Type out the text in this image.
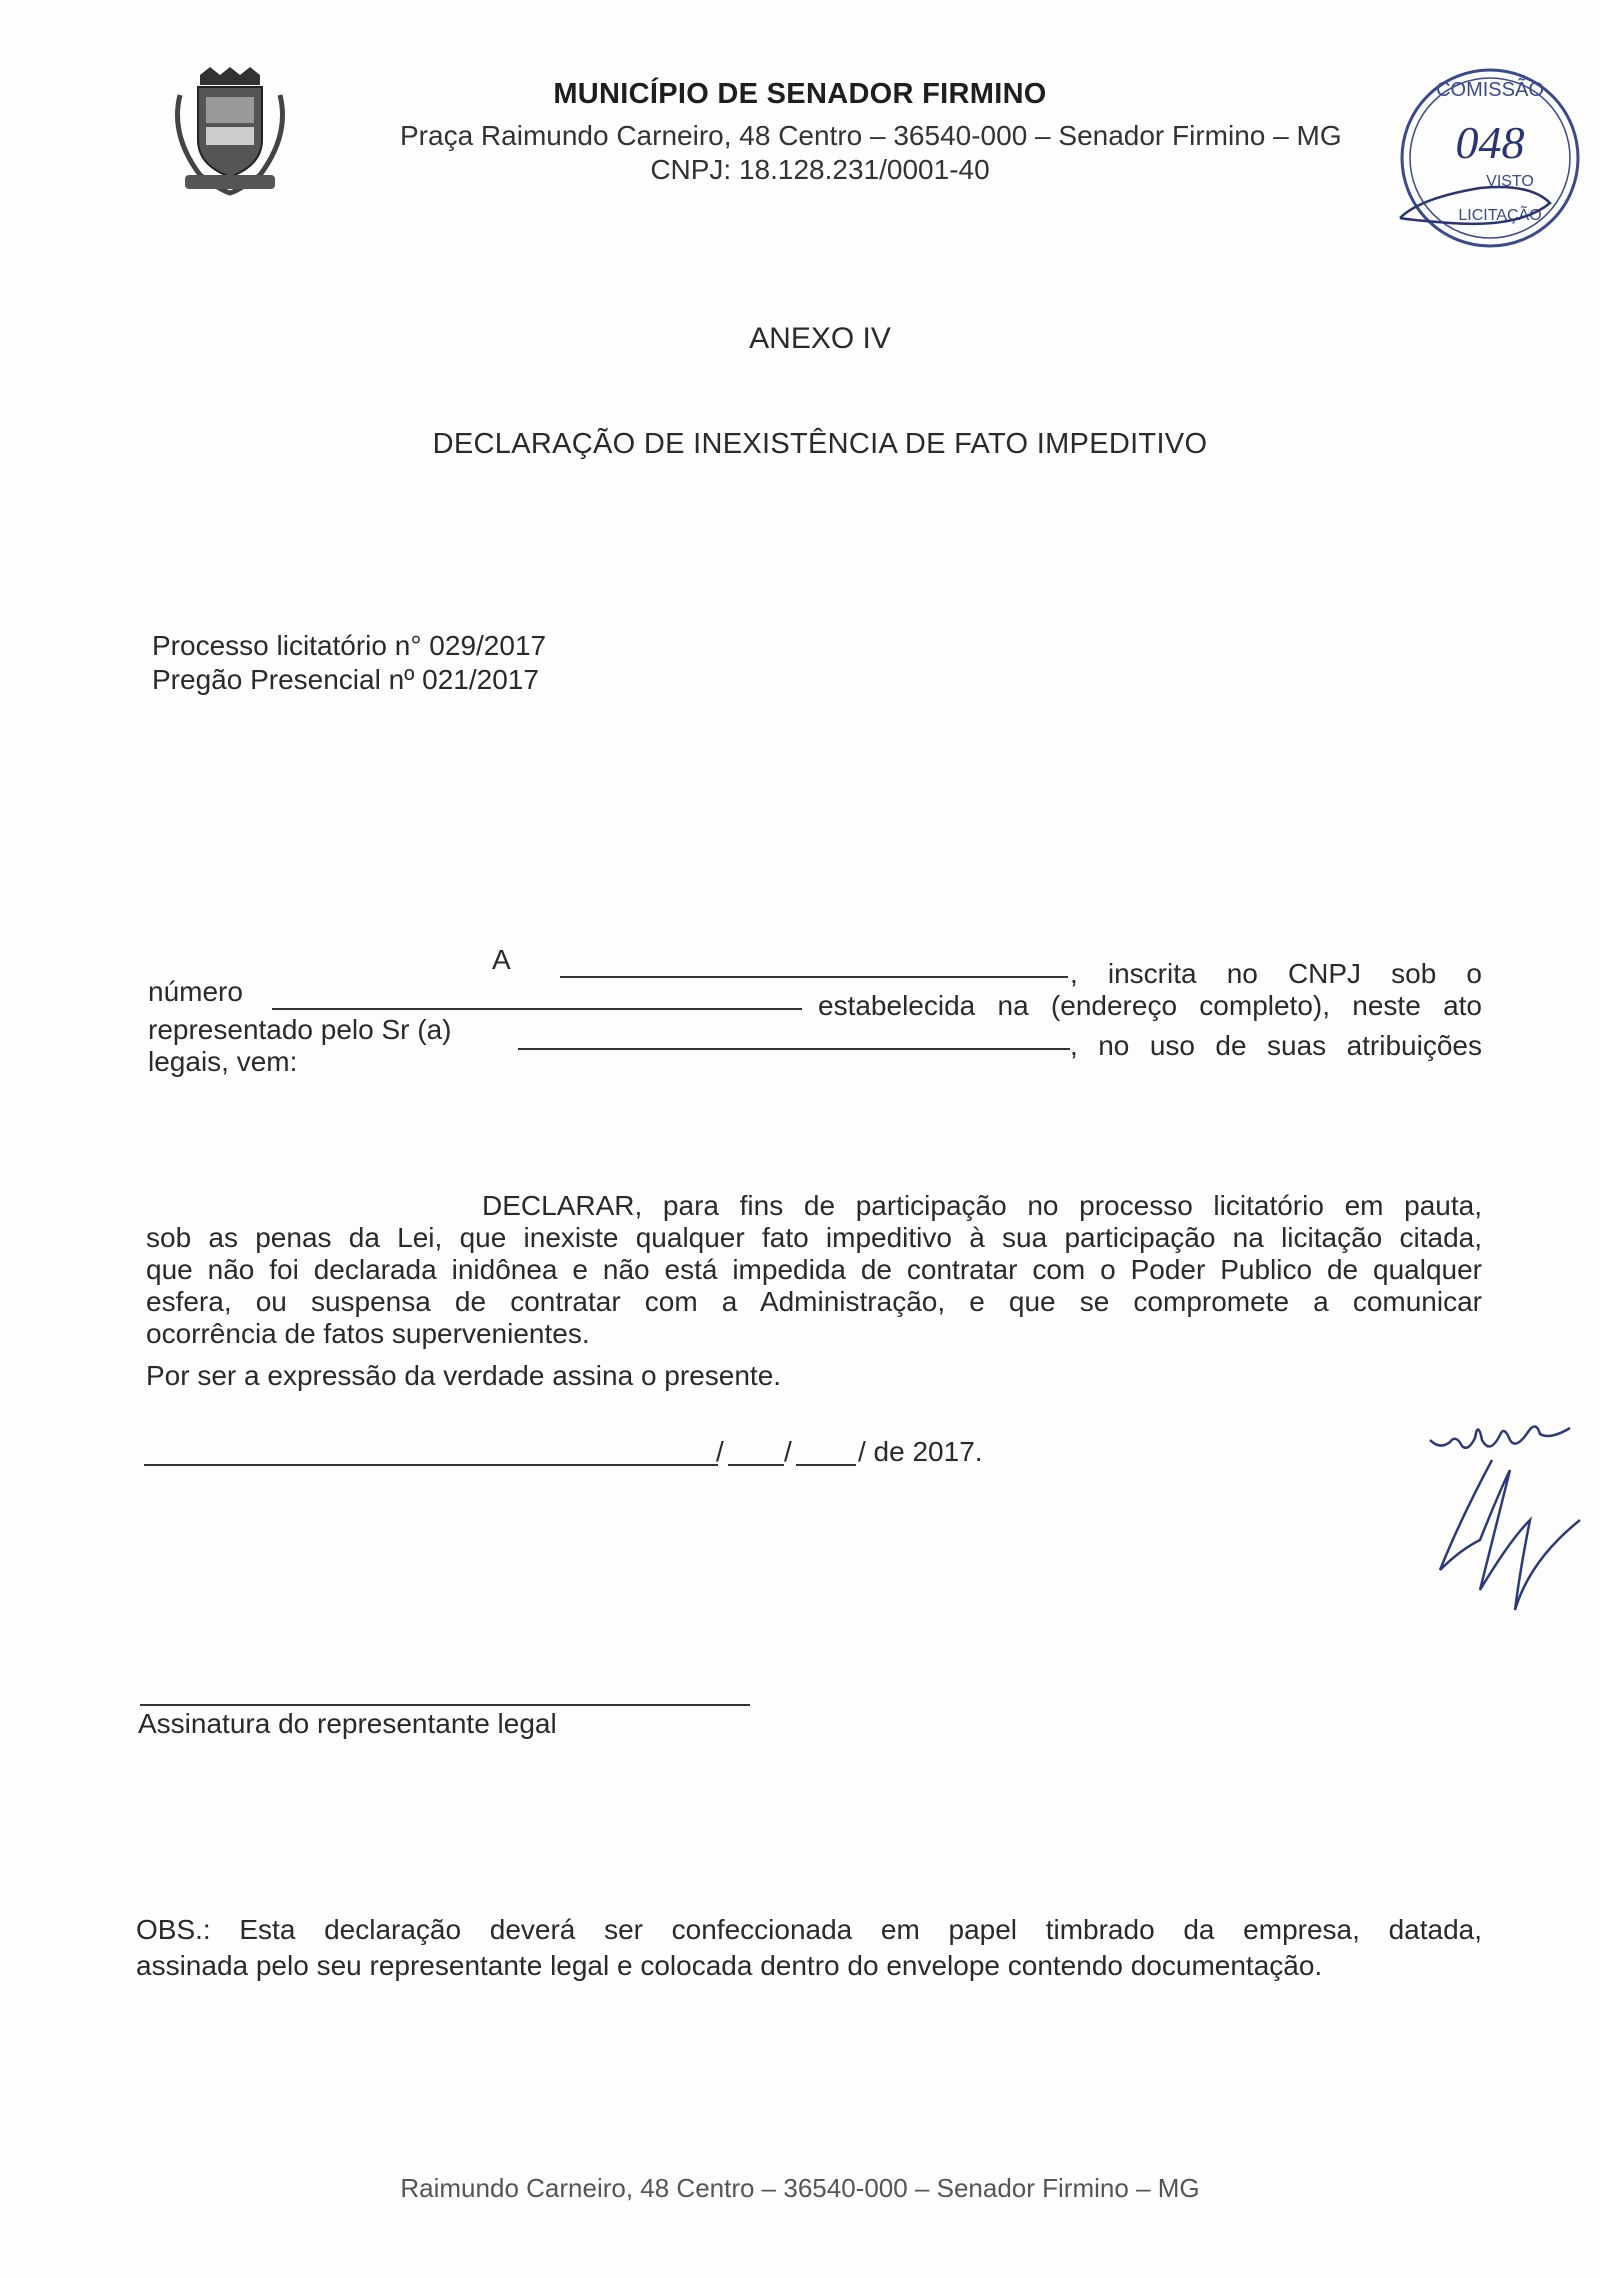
MUNICÍPIO DE SENADOR FIRMINO
Praça Raimundo Carneiro, 48 Centro – 36540-000 – Senador Firmino – MG
CNPJ: 18.128.231/0001-40
COMISSÃO
048
VISTO
LICITAÇÃO
ANEXO IV
DECLARAÇÃO DE INEXISTÊNCIA DE FATO IMPEDITIVO
Processo licitatório n° 029/2017
Pregão Presencial nº 021/2017
A	, inscrita no CNPJ sob o
número	estabelecida na (endereço completo), neste ato
representado pelo Sr (a)
, no uso de suas atribuições
legais, vem:
DECLARAR, para fins de participação no processo licitatório em pauta,
sob as penas da Lei, que inexiste qualquer fato impeditivo à sua participação na licitação citada,
que não foi declarada inidônea e não está impedida de contratar com o Poder Publico de qualquer
esfera, ou suspensa de contratar com a Administração, e que se compromete a comunicar
ocorrência de fatos supervenientes.
Por ser a expressão da verdade assina o presente.
/ / / de 2017.
Assinatura do representante legal
OBS.: Esta declaração deverá ser confeccionada em papel timbrado da empresa, datada,
assinada pelo seu representante legal e colocada dentro do envelope contendo documentação.
Raimundo Carneiro, 48 Centro – 36540-000 – Senador Firmino – MG
